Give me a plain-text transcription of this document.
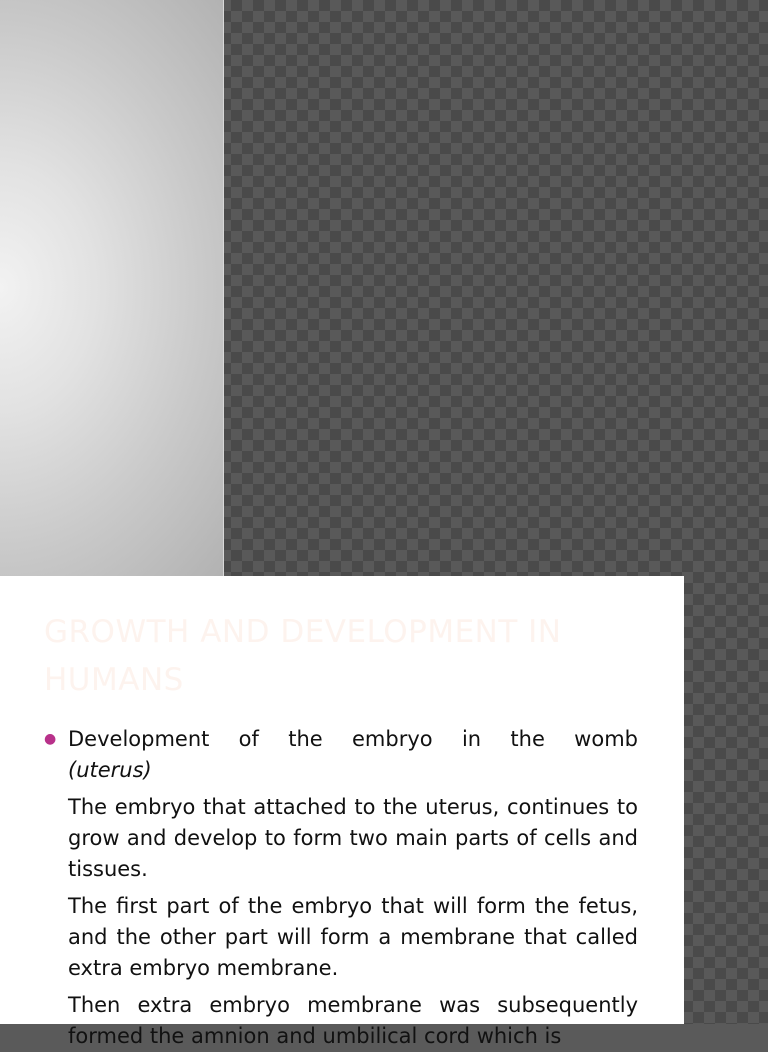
GROWTH AND DEVELOPMENT IN HUMANS
● Development of the embryo in the womb
(uterus)

The embryo that attached to the uterus, continues to grow and develop to form two main parts of cells and tissues.

The first part of the embryo that will form the fetus, and the other part will form a membrane that called extra embryo membrane.

Then extra embryo membrane was subsequently formed the amnion and umbilical cord which is
